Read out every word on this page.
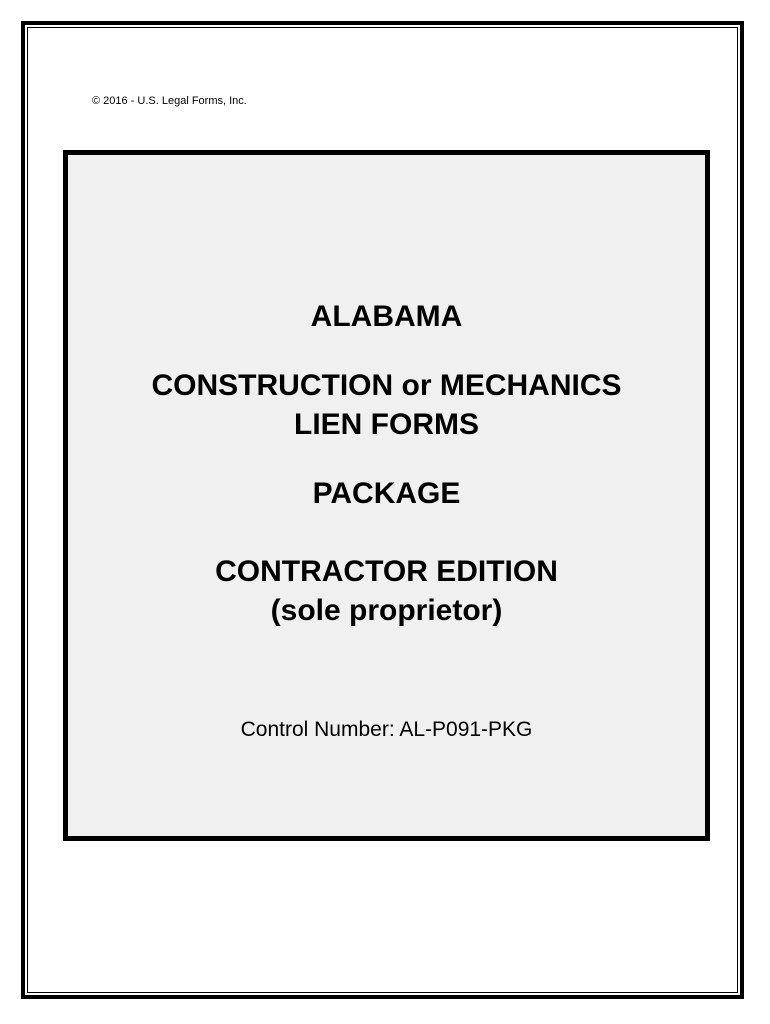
© 2016 - U.S. Legal Forms, Inc.
ALABAMA
CONSTRUCTION or MECHANICS
LIEN FORMS
PACKAGE
CONTRACTOR EDITION
(sole proprietor)
Control Number: AL-P091-PKG
